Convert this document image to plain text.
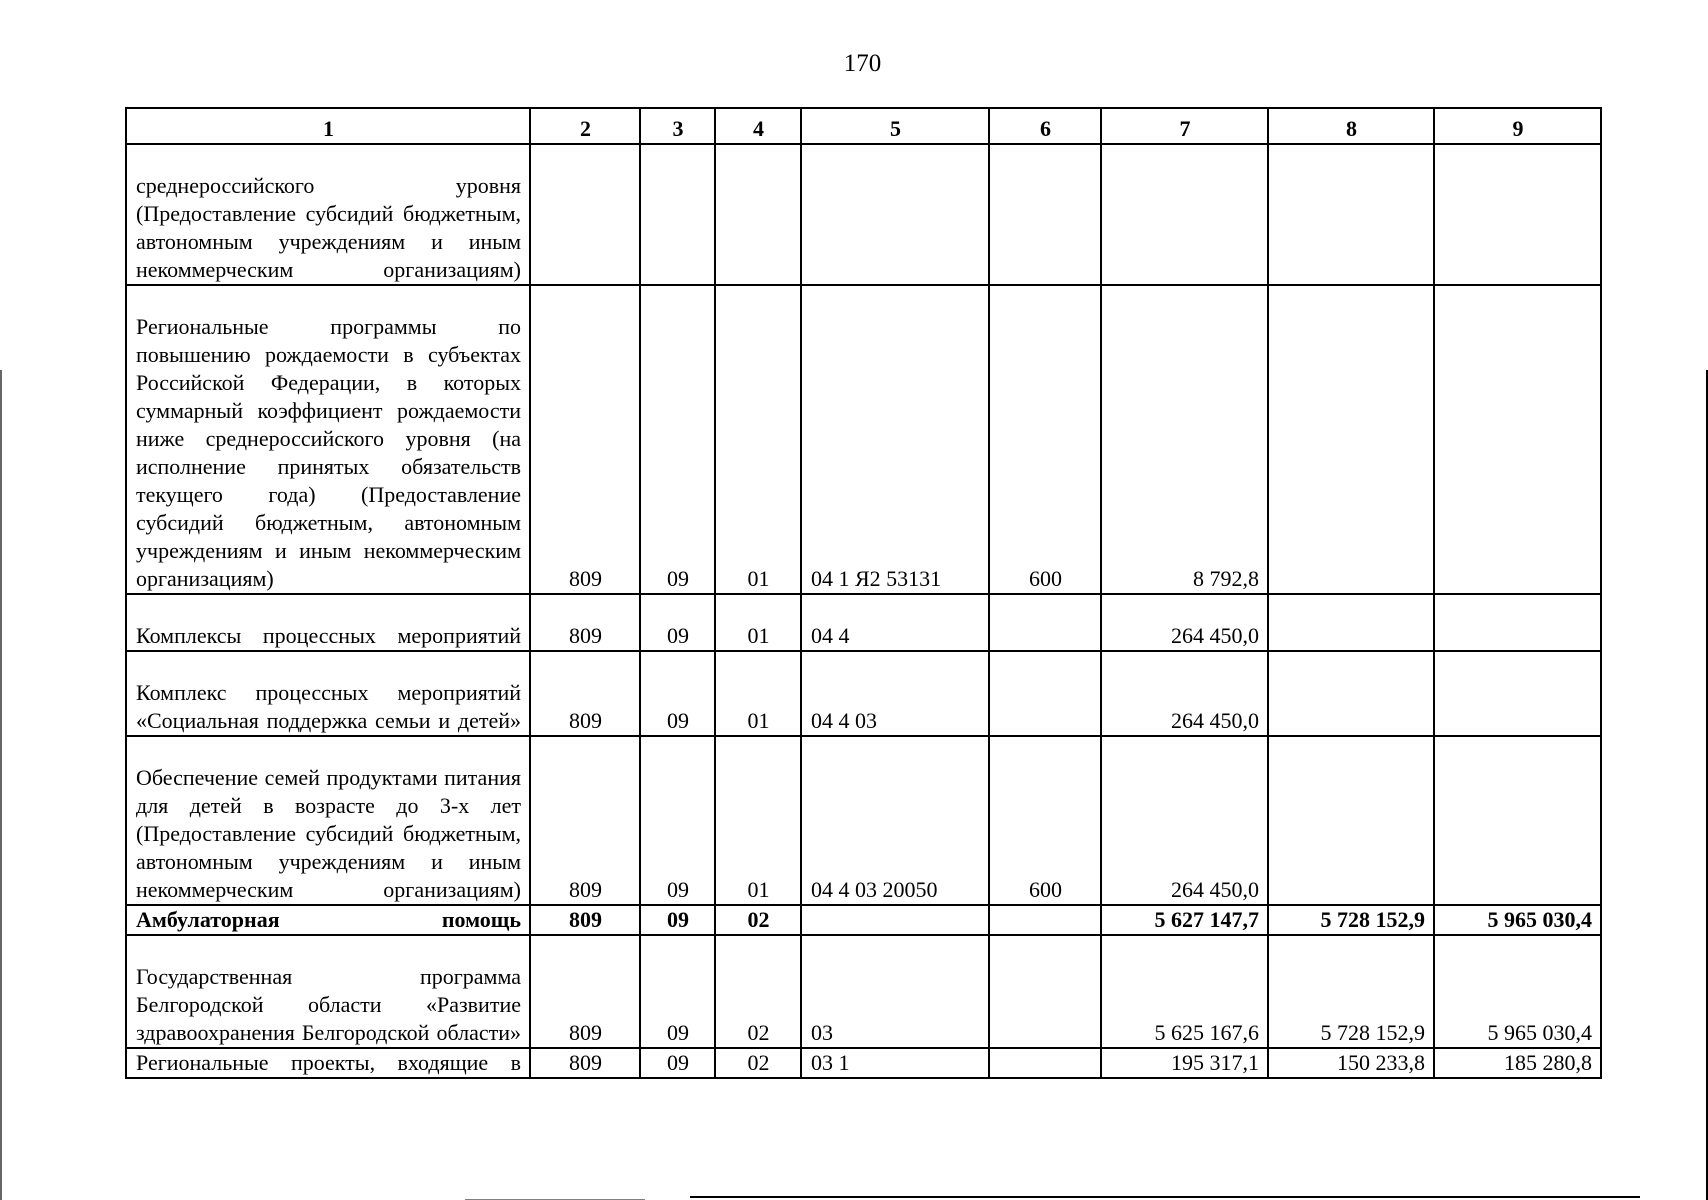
170
1	2	3	4	5	6	7	8	9
среднероссийского уровня (Предоставление субсидий бюджетным, автономным учреждениям и иным некоммерческим организациям)								
Региональные программы по повышению рождаемости в субъектах Российской Федерации, в которых суммарный коэффициент рождаемости ниже среднероссийского уровня (на исполнение принятых обязательств текущего года) (Предоставление субсидий бюджетным, автономным учреждениям и иным некоммерческим организациям)	809	09	01	04 1 Я2 53131	600	8 792,8		
Комплексы процессных мероприятий	809	09	01	04 4		264 450,0		
Комплекс процессных мероприятий «Социальная поддержка семьи и детей»	809	09	01	04 4 03		264 450,0		
Обеспечение семей продуктами питания для детей в возрасте до 3-х лет (Предоставление субсидий бюджетным, автономным учреждениям и иным некоммерческим организациям)	809	09	01	04 4 03 20050	600	264 450,0		
Амбулаторная помощь	809	09	02			5 627 147,7	5 728 152,9	5 965 030,4
Государственная программа Белгородской области «Развитие здравоохранения Белгородской области»	809	09	02	03		5 625 167,6	5 728 152,9	5 965 030,4
Региональные проекты, входящие в	809	09	02	03 1		195 317,1	150 233,8	185 280,8
